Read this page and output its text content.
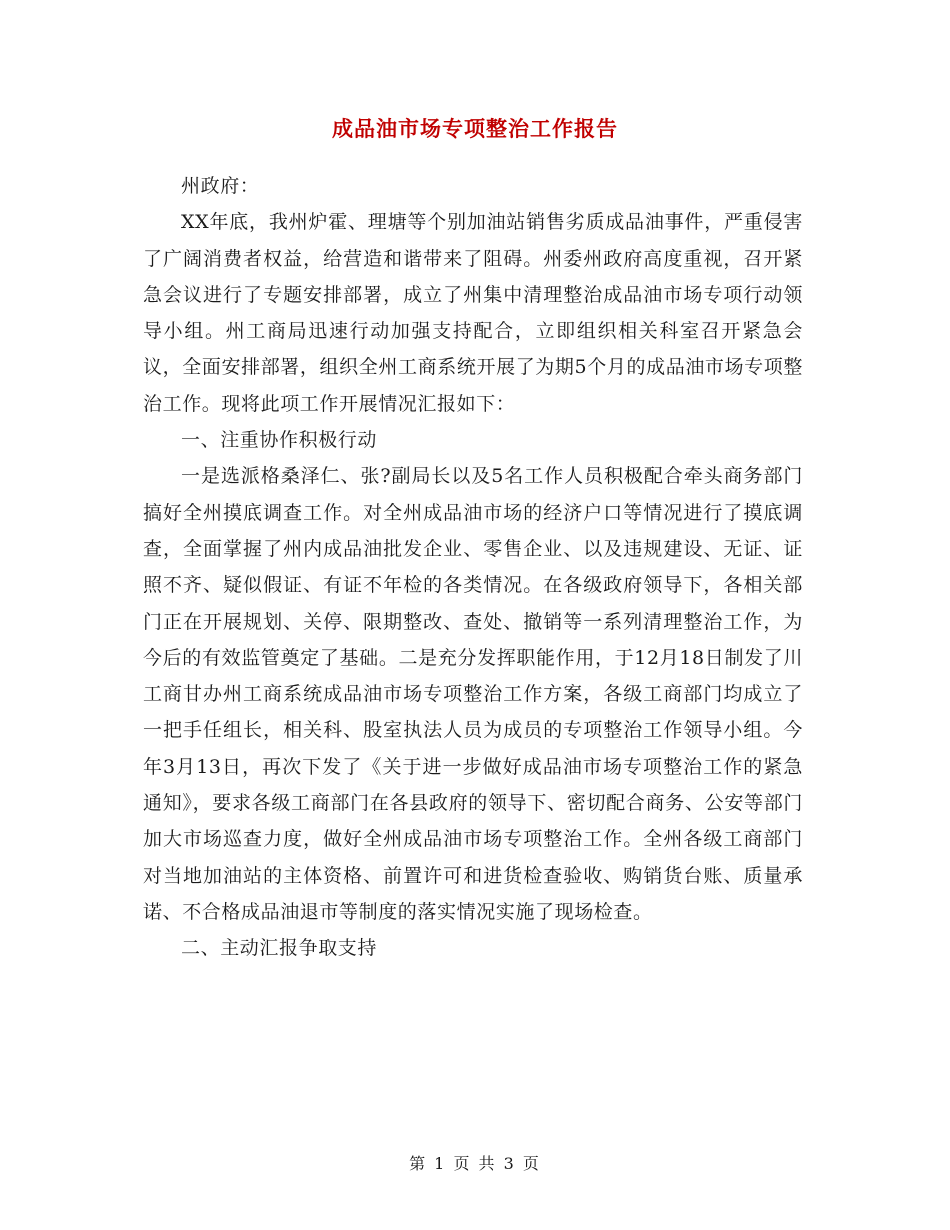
成品油市场专项整治工作报告

州政府：

XX年底，我州炉霍、理塘等个别加油站销售劣质成品油事件，严重侵害了广阔消费者权益，给营造和谐带来了阻碍。州委州政府高度重视，召开紧急会议进行了专题安排部署，成立了州集中清理整治成品油市场专项行动领导小组。州工商局迅速行动加强支持配合，立即组织相关科室召开紧急会议，全面安排部署，组织全州工商系统开展了为期5个月的成品油市场专项整治工作。现将此项工作开展情况汇报如下：

一、注重协作积极行动

一是选派格桑泽仁、张?副局长以及5名工作人员积极配合牵头商务部门搞好全州摸底调查工作。对全州成品油市场的经济户口等情况进行了摸底调查，全面掌握了州内成品油批发企业、零售企业、以及违规建设、无证、证照不齐、疑似假证、有证不年检的各类情况。在各级政府领导下，各相关部门正在开展规划、关停、限期整改、查处、撤销等一系列清理整治工作，为今后的有效监管奠定了基础。二是充分发挥职能作用，于12月18日制发了川工商甘办州工商系统成品油市场专项整治工作方案，各级工商部门均成立了一把手任组长，相关科、股室执法人员为成员的专项整治工作领导小组。今年3月13日，再次下发了《关于进一步做好成品油市场专项整治工作的紧急通知》，要求各级工商部门在各县政府的领导下、密切配合商务、公安等部门加大市场巡查力度，做好全州成品油市场专项整治工作。全州各级工商部门对当地加油站的主体资格、前置许可和进货检查验收、购销货台账、质量承诺、不合格成品油退市等制度的落实情况实施了现场检查。

二、主动汇报争取支持

第 1 页 共 3 页
